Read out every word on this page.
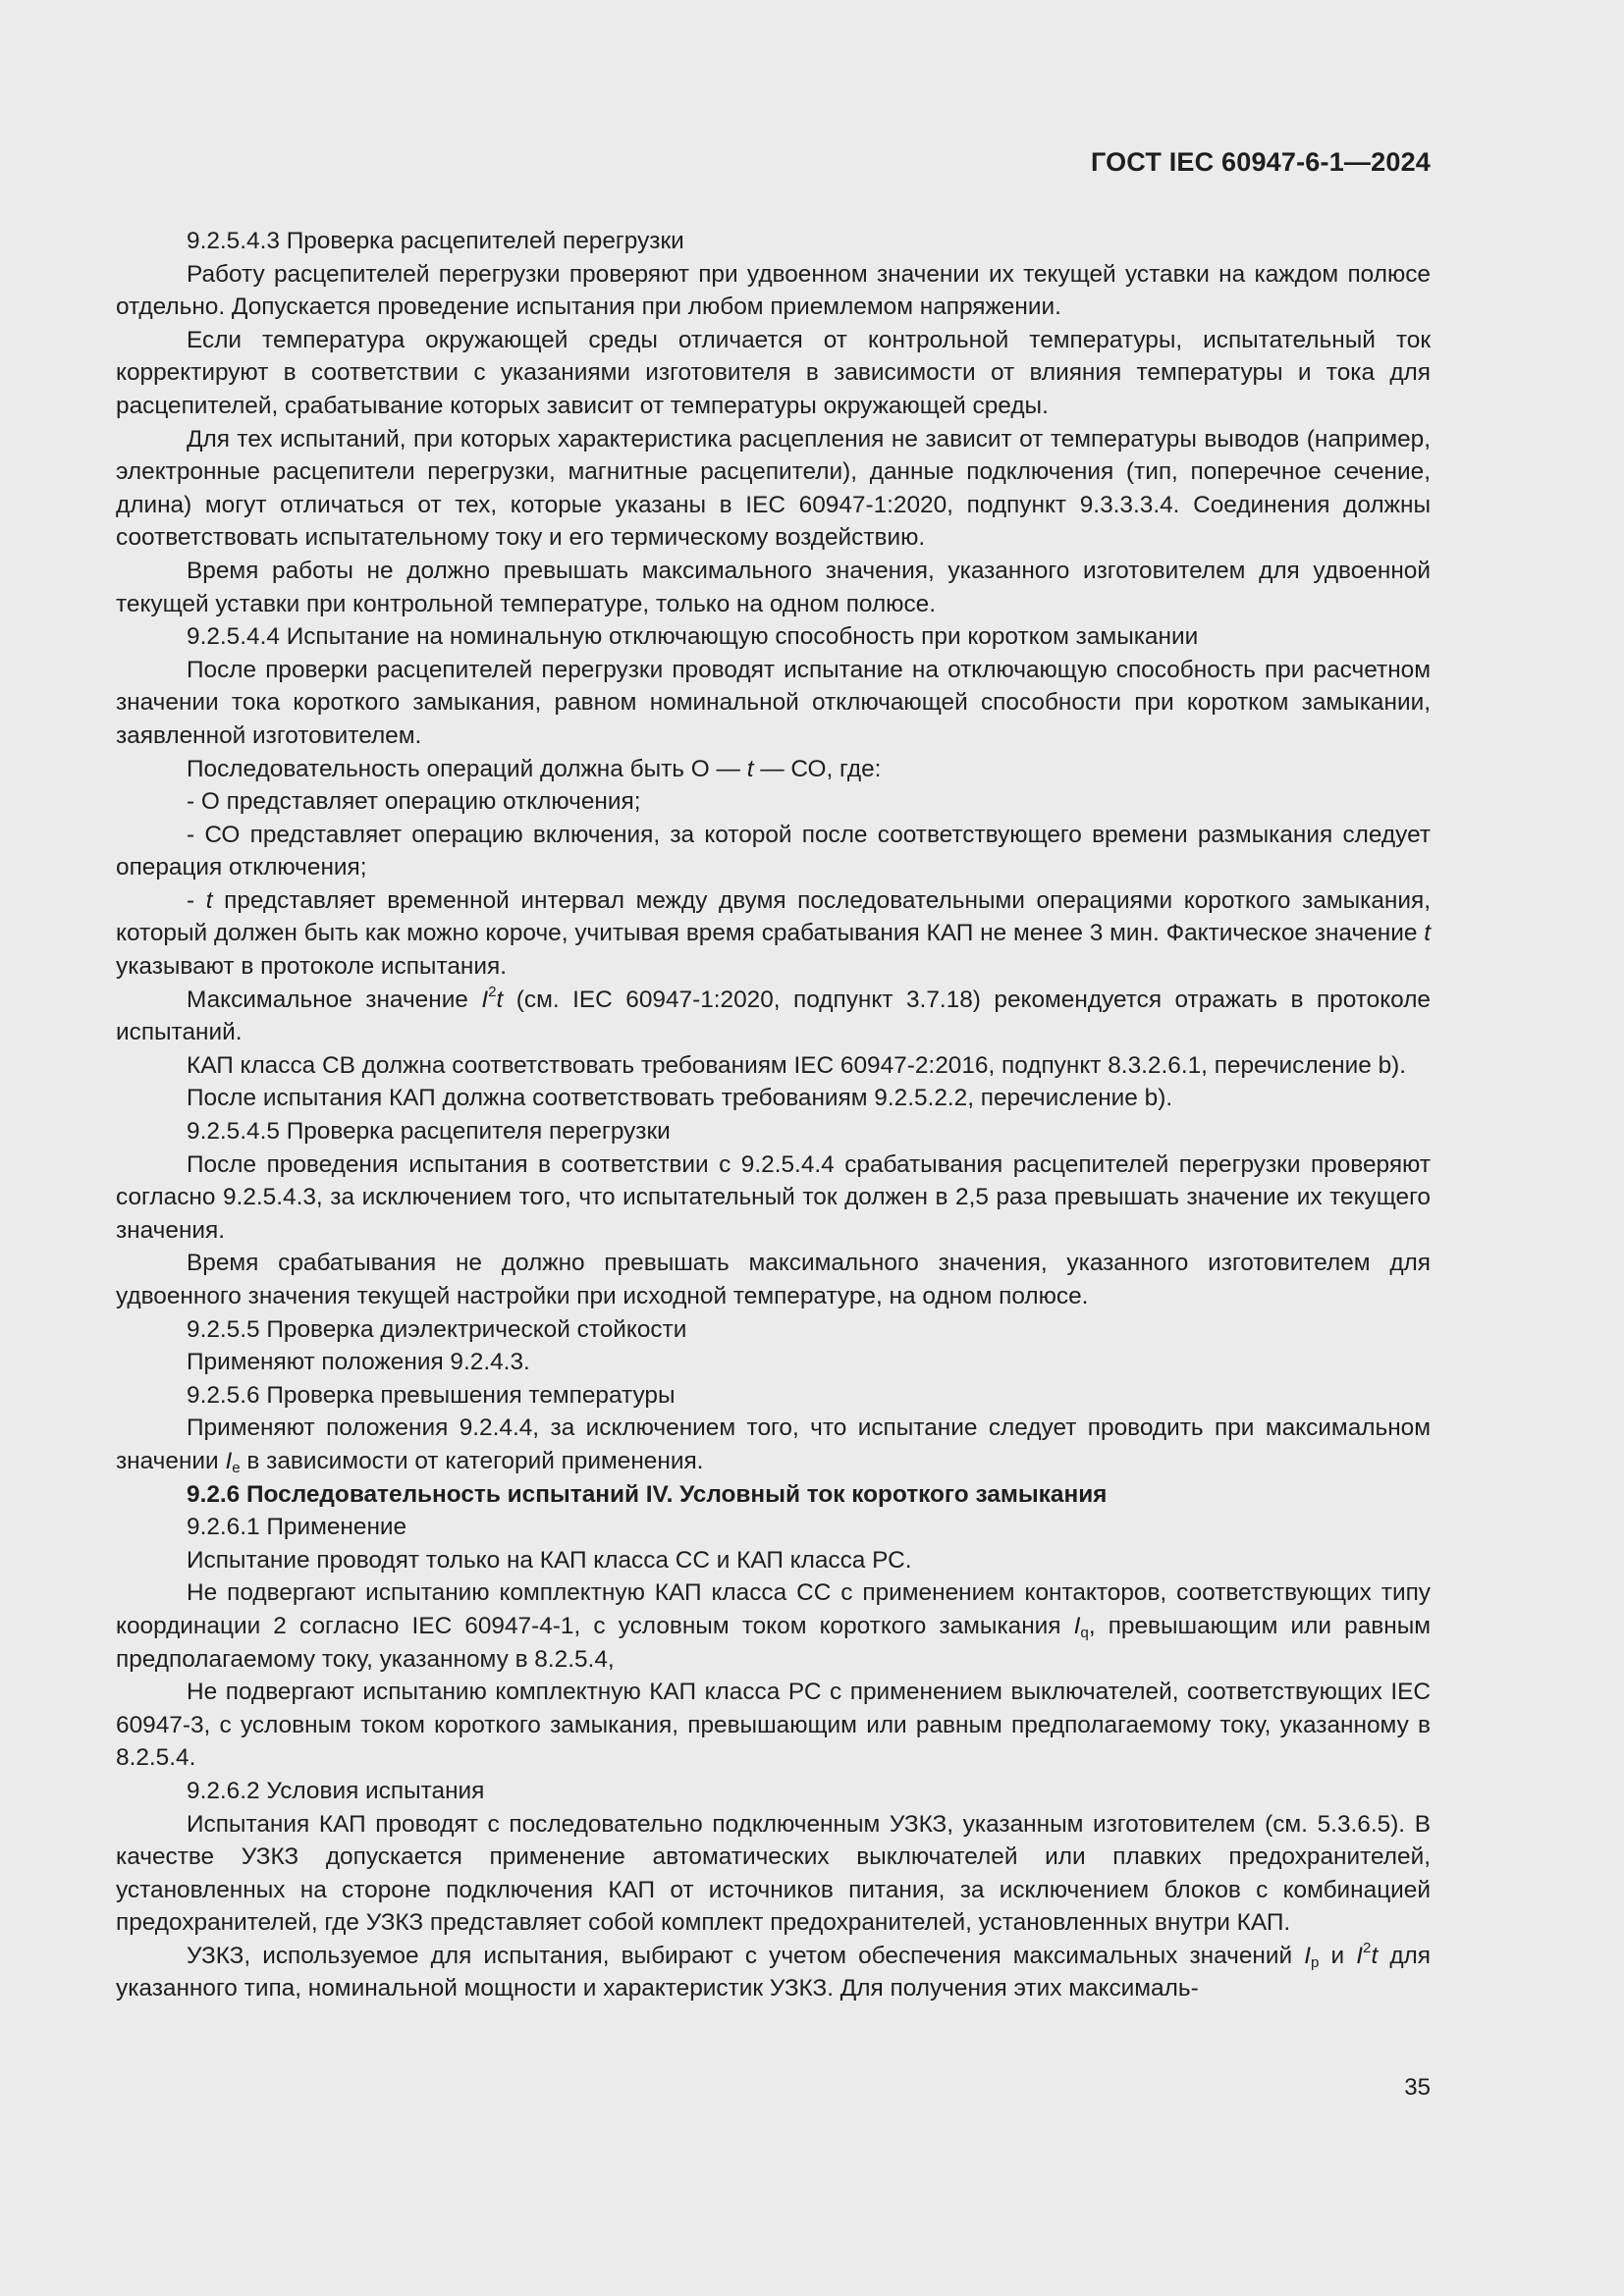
ГОСТ IEC 60947-6-1—2024

9.2.5.4.3 Проверка расцепителей перегрузки

Работу расцепителей перегрузки проверяют при удвоенном значении их текущей уставки на каждом полюсе отдельно. Допускается проведение испытания при любом приемлемом напряжении.

Если температура окружающей среды отличается от контрольной температуры, испытательный ток корректируют в соответствии с указаниями изготовителя в зависимости от влияния температуры и тока для расцепителей, срабатывание которых зависит от температуры окружающей среды.

Для тех испытаний, при которых характеристика расцепления не зависит от температуры выводов (например, электронные расцепители перегрузки, магнитные расцепители), данные подключения (тип, поперечное сечение, длина) могут отличаться от тех, которые указаны в IEC 60947-1:2020, подпункт 9.3.3.3.4. Соединения должны соответствовать испытательному току и его термическому воздействию.

Время работы не должно превышать максимального значения, указанного изготовителем для удвоенной текущей уставки при контрольной температуре, только на одном полюсе.

9.2.5.4.4 Испытание на номинальную отключающую способность при коротком замыкании

После проверки расцепителей перегрузки проводят испытание на отключающую способность при расчетном значении тока короткого замыкания, равном номинальной отключающей способности при коротком замыкании, заявленной изготовителем.

Последовательность операций должна быть О — t — СО, где:

- О представляет операцию отключения;

- СО представляет операцию включения, за которой после соответствующего времени размыкания следует операция отключения;

- t представляет временной интервал между двумя последовательными операциями короткого замыкания, который должен быть как можно короче, учитывая время срабатывания КАП не менее 3 мин. Фактическое значение t указывают в протоколе испытания.

Максимальное значение $I^2t$ (см. IEC 60947-1:2020, подпункт 3.7.18) рекомендуется отражать в протоколе испытаний.

КАП класса СВ должна соответствовать требованиям IEC 60947-2:2016, подпункт 8.3.2.6.1, перечисление b).

После испытания КАП должна соответствовать требованиям 9.2.5.2.2, перечисление b).

9.2.5.4.5 Проверка расцепителя перегрузки

После проведения испытания в соответствии с 9.2.5.4.4 срабатывания расцепителей перегрузки проверяют согласно 9.2.5.4.3, за исключением того, что испытательный ток должен в 2,5 раза превышать значение их текущего значения.

Время срабатывания не должно превышать максимального значения, указанного изготовителем для удвоенного значения текущей настройки при исходной температуре, на одном полюсе.

9.2.5.5 Проверка диэлектрической стойкости

Применяют положения 9.2.4.3.

9.2.5.6 Проверка превышения температуры

Применяют положения 9.2.4.4, за исключением того, что испытание следует проводить при максимальном значении $I_e$ в зависимости от категорий применения.

9.2.6 Последовательность испытаний IV. Условный ток короткого замыкания

9.2.6.1 Применение

Испытание проводят только на КАП класса СС и КАП класса РС.

Не подвергают испытанию комплектную КАП класса СС с применением контакторов, соответствующих типу координации 2 согласно IEC 60947-4-1, с условным током короткого замыкания $I_q$, превышающим или равным предполагаемому току, указанному в 8.2.5.4,

Не подвергают испытанию комплектную КАП класса РС с применением выключателей, соответствующих IEC 60947-3, с условным током короткого замыкания, превышающим или равным предполагаемому току, указанному в 8.2.5.4.

9.2.6.2 Условия испытания

Испытания КАП проводят с последовательно подключенным УЗКЗ, указанным изготовителем (см. 5.3.6.5). В качестве УЗКЗ допускается применение автоматических выключателей или плавких предохранителей, установленных на стороне подключения КАП от источников питания, за исключением блоков с комбинацией предохранителей, где УЗКЗ представляет собой комплект предохранителей, установленных внутри КАП.

УЗКЗ, используемое для испытания, выбирают с учетом обеспечения максимальных значений $I_p$ и $I^2t$ для указанного типа, номинальной мощности и характеристик УЗКЗ. Для получения этих максималь-

35
